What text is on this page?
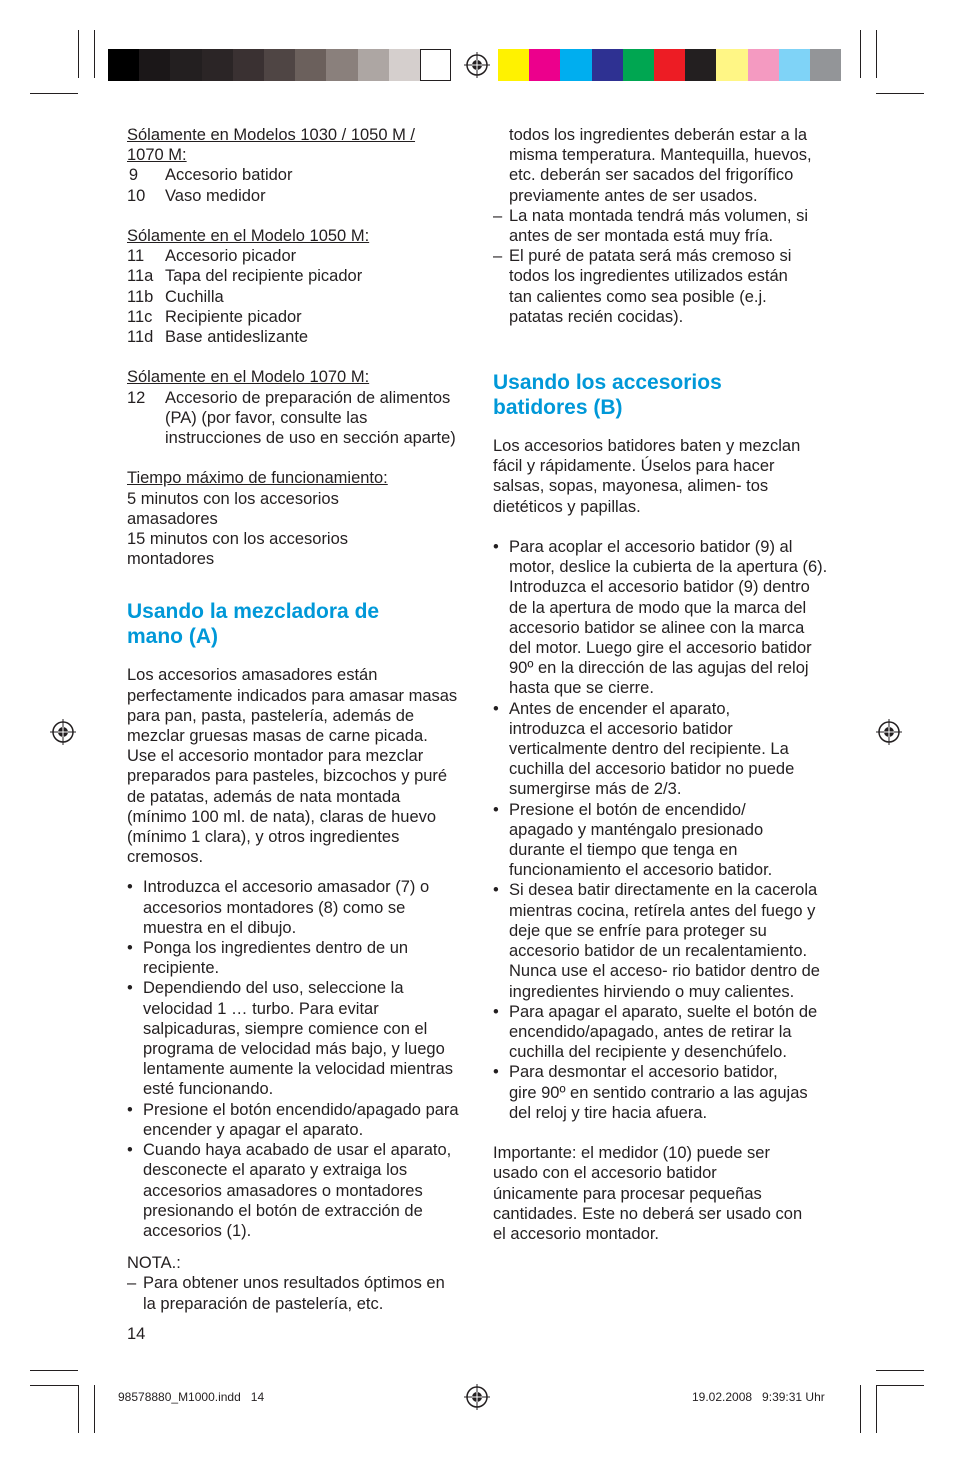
Sólamente en Modelos 1030 / 1050 M / 1070 M:

9	Accesorio batidor
10	Vaso medidor

Sólamente en el Modelo 1050 M:

11	Accesorio picador
11a Tapa del recipiente picador
11b Cuchilla
11c Recipiente picador
11d Base antideslizante

Sólamente en el Modelo 1070 M:

12	Accesorio de preparación de alimentos (PA) (por favor, consulte las instrucciones de uso en sección aparte)

Tiempo máximo de funcionamiento:

5 minutos con los accesorios amasadores

15 minutos con los accesorios montadores

Usando la mezcladora de mano (A)

Los accesorios amasadores están perfectamente indicados para amasar masas para pan, pasta, pastelería, además de mezclar gruesas masas de carne picada. Use el accesorio montador para mezclar preparados para pasteles, bizcochos y puré de patatas, además de nata montada (mínimo 100 ml. de nata), claras de huevo (mínimo 1 clara), y otros ingredientes cremosos.

• Introduzca el accesorio amasador (7) o accesorios montadores (8) como se muestra en el dibujo.
• Ponga los ingredientes dentro de un recipiente.
• Dependiendo del uso, seleccione la velocidad 1 … turbo. Para evitar salpicaduras, siempre comience con el programa de velocidad más bajo, y luego lentamente aumente la velocidad mientras esté funcionando.
• Presione el botón encendido/apagado para encender y apagar el aparato.
• Cuando haya acabado de usar el aparato, desconecte el aparato y extraiga los accesorios amasadores o montadores presionando el botón de extracción de accesorios (1).

NOTA.:

– Para obtener unos resultados óptimos en la preparación de pastelería, etc.

14

todos los ingredientes deberán estar a la misma temperatura. Mantequilla, huevos, etc. deberán ser sacados del frigorífico previamente antes de ser usados.

– La nata montada tendrá más volumen, si antes de ser montada está muy fría.
– El puré de patata será más cremoso si todos los ingredientes utilizados están tan calientes como sea posible (e.j. patatas recién cocidas).

Usando los accesorios batidores (B)

Los accesorios batidores baten y mezclan fácil y rápidamente. Úselos para hacer salsas, sopas, mayonesa, alimen- tos dietéticos y papillas.

• Para acoplar el accesorio batidor (9) al motor, deslice la cubierta de la apertura (6). Introduzca el accesorio batidor (9) dentro de la apertura de modo que la marca del accesorio batidor se alinee con la marca del motor. Luego gire el accesorio batidor 90º en la dirección de las agujas del reloj hasta que se cierre.
• Antes de encender el aparato, introduzca el accesorio batidor verticalmente dentro del recipiente. La cuchilla del accesorio batidor no puede sumergirse más de 2/3.
• Presione el botón de encendido/ apagado y manténgalo presionado durante el tiempo que tenga en funcionamiento el accesorio batidor.
• Si desea batir directamente en la cacerola mientras cocina, retírela antes del fuego y deje que se enfríe para proteger su accesorio batidor de un recalentamiento. Nunca use el acceso- rio batidor dentro de ingredientes hirviendo o muy calientes.
• Para apagar el aparato, suelte el botón de encendido/apagado, antes de retirar la cuchilla del recipiente y desenchúfelo.
• Para desmontar el accesorio batidor, gire 90º en sentido contrario a las agujas del reloj y tire hacia afuera.

Importante: el medidor (10) puede ser usado con el accesorio batidor únicamente para procesar pequeñas cantidades. Este no deberá ser usado con el accesorio montador.

98578880_M1000.indd   14	19.02.2008   9:39:31 Uhr
